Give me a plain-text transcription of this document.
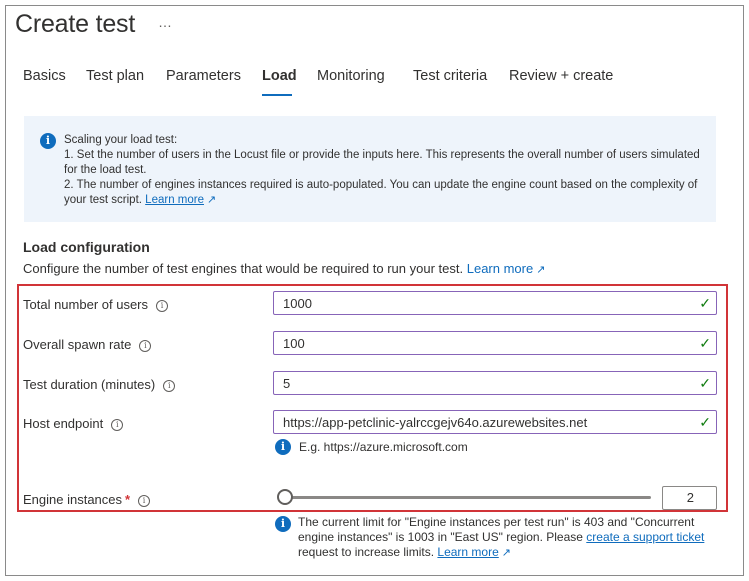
Create test …
Basics Test plan Parameters Load Monitoring Test criteria Review + create
i	Scaling your load test:
1. Set the number of users in the Locust file or provide the inputs here. This represents the overall number of users simulated for the load test.
2. The number of engines instances required is auto-populated. You can update the engine count based on the complexity of your test script. Learn more ↗
Load configuration
Configure the number of test engines that would be required to run your test. Learn more ↗
Total number of users i
1000	✓
Overall spawn rate i
100	✓
Test duration (minutes) i
5	✓
Host endpoint i
https://app-petclinic-yalrccgejv64o.azurewebsites.net	✓
i E.g. https://azure.microsoft.com
Engine instances * i	2
i	The current limit for "Engine instances per test run" is 403 and "Concurrent engine instances" is 1003 in "East US" region. Please create a support ticket request to increase limits. Learn more ↗
